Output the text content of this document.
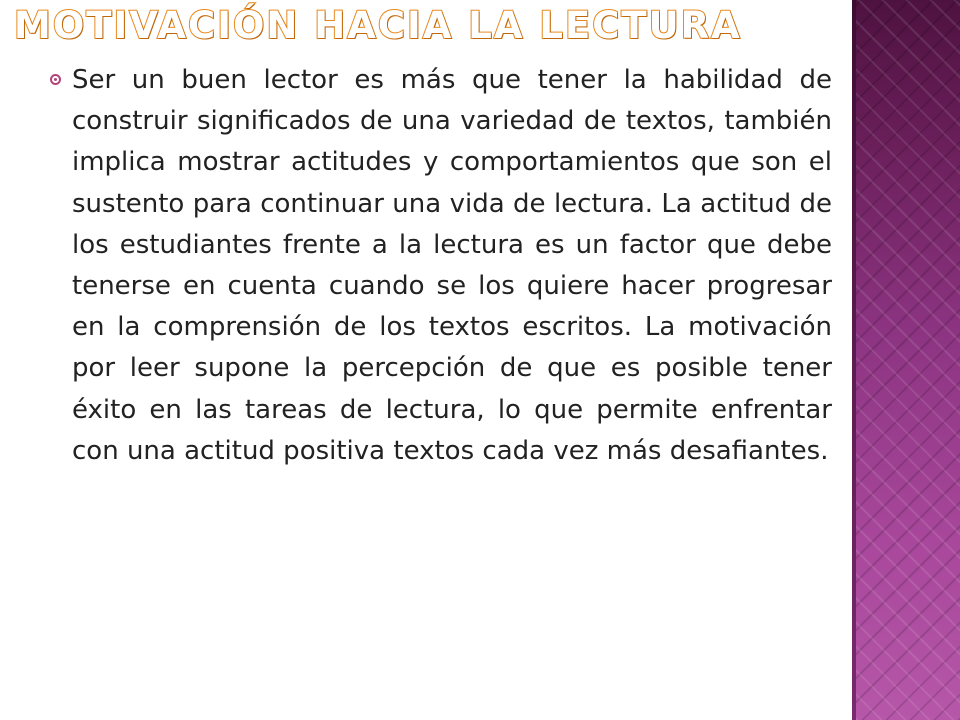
MOTIVACIÓN HACIA LA LECTURA

Ser un buen lector es más que tener la habilidad de construir significados de una variedad de textos, también implica mostrar actitudes y comportamientos que son el sustento para continuar una vida de lectura. La actitud de los estudiantes frente a la lectura es un factor que debe tenerse en cuenta cuando se los quiere hacer progresar en la comprensión de los textos escritos. La motivación por leer supone la percepción de que es posible tener éxito en las tareas de lectura, lo que permite enfrentar con una actitud positiva textos cada vez más desafiantes.
